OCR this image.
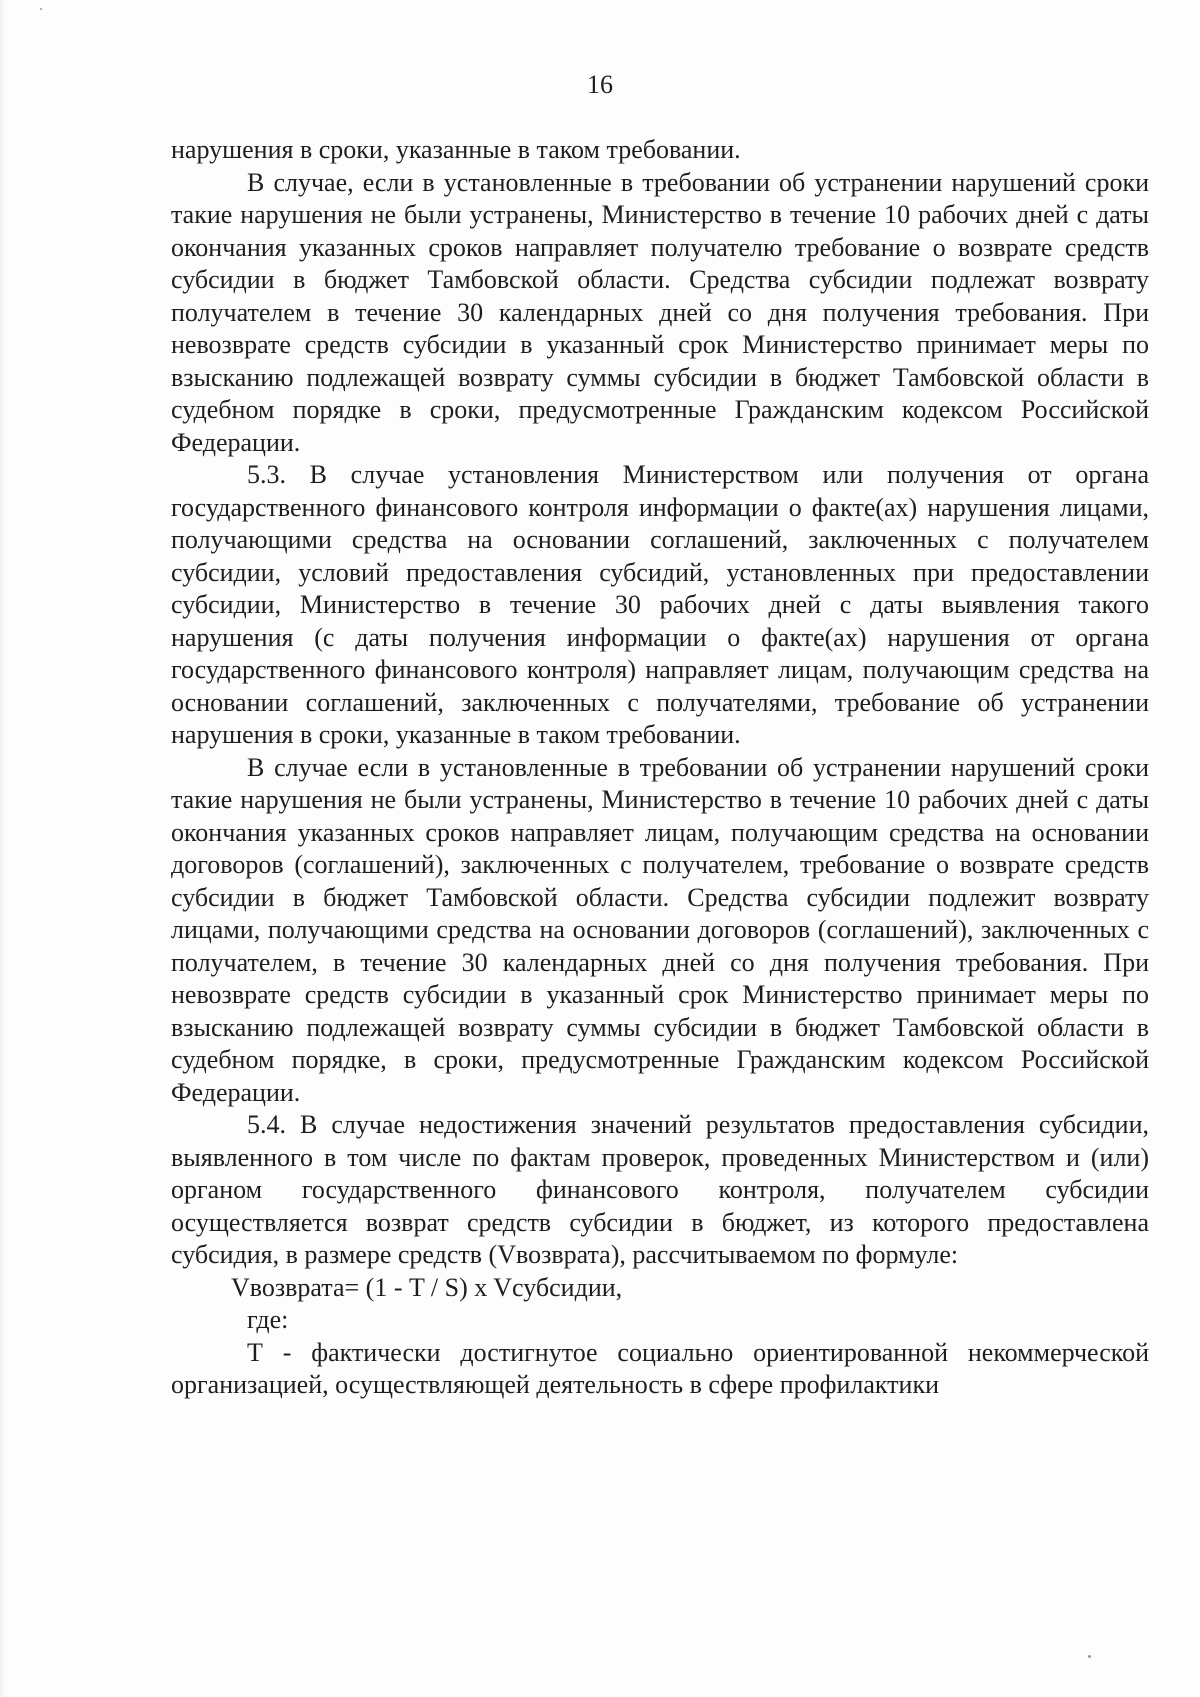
16

нарушения в сроки, указанные в таком требовании.

В случае, если в установленные в требовании об устранении нарушений сроки такие нарушения не были устранены, Министерство в течение 10 рабочих дней с даты окончания указанных сроков направляет получателю требование о возврате средств субсидии в бюджет Тамбовской области. Средства субсидии подлежат возврату получателем в течение 30 календарных дней со дня получения требования. При невозврате средств субсидии в указанный срок Министерство принимает меры по взысканию подлежащей возврату суммы субсидии в бюджет Тамбовской области в судебном порядке в сроки, предусмотренные Гражданским кодексом Российской Федерации.

5.3. В случае установления Министерством или получения от органа государственного финансового контроля информации о факте(ах) нарушения лицами, получающими средства на основании соглашений, заключенных с получателем субсидии, условий предоставления субсидий, установленных при предоставлении субсидии, Министерство в течение 30 рабочих дней с даты выявления такого нарушения (с даты получения информации о факте(ах) нарушения от органа государственного финансового контроля) направляет лицам, получающим средства на основании соглашений, заключенных с получателями, требование об устранении нарушения в сроки, указанные в таком требовании.

В случае если в установленные в требовании об устранении нарушений сроки такие нарушения не были устранены, Министерство в течение 10 рабочих дней с даты окончания указанных сроков направляет лицам, получающим средства на основании договоров (соглашений), заключенных с получателем, требование о возврате средств субсидии в бюджет Тамбовской области. Средства субсидии подлежит возврату лицами, получающими средства на основании договоров (соглашений), заключенных с получателем, в течение 30 календарных дней со дня получения требования. При невозврате средств субсидии в указанный срок Министерство принимает меры по взысканию подлежащей возврату суммы субсидии в бюджет Тамбовской области в судебном порядке, в сроки, предусмотренные Гражданским кодексом Российской Федерации.

5.4. В случае недостижения значений результатов предоставления субсидии, выявленного в том числе по фактам проверок, проведенных Министерством и (или) органом государственного финансового контроля, получателем субсидии осуществляется возврат средств субсидии в бюджет, из которого предоставлена субсидия, в размере средств (Vвозврата), рассчитываемом по формуле:

Vвозврата= (1 - T / S) x Vсубсидии,

где:

Т - фактически достигнутое социально ориентированной некоммерческой организацией, осуществляющей деятельность в сфере профилактики
